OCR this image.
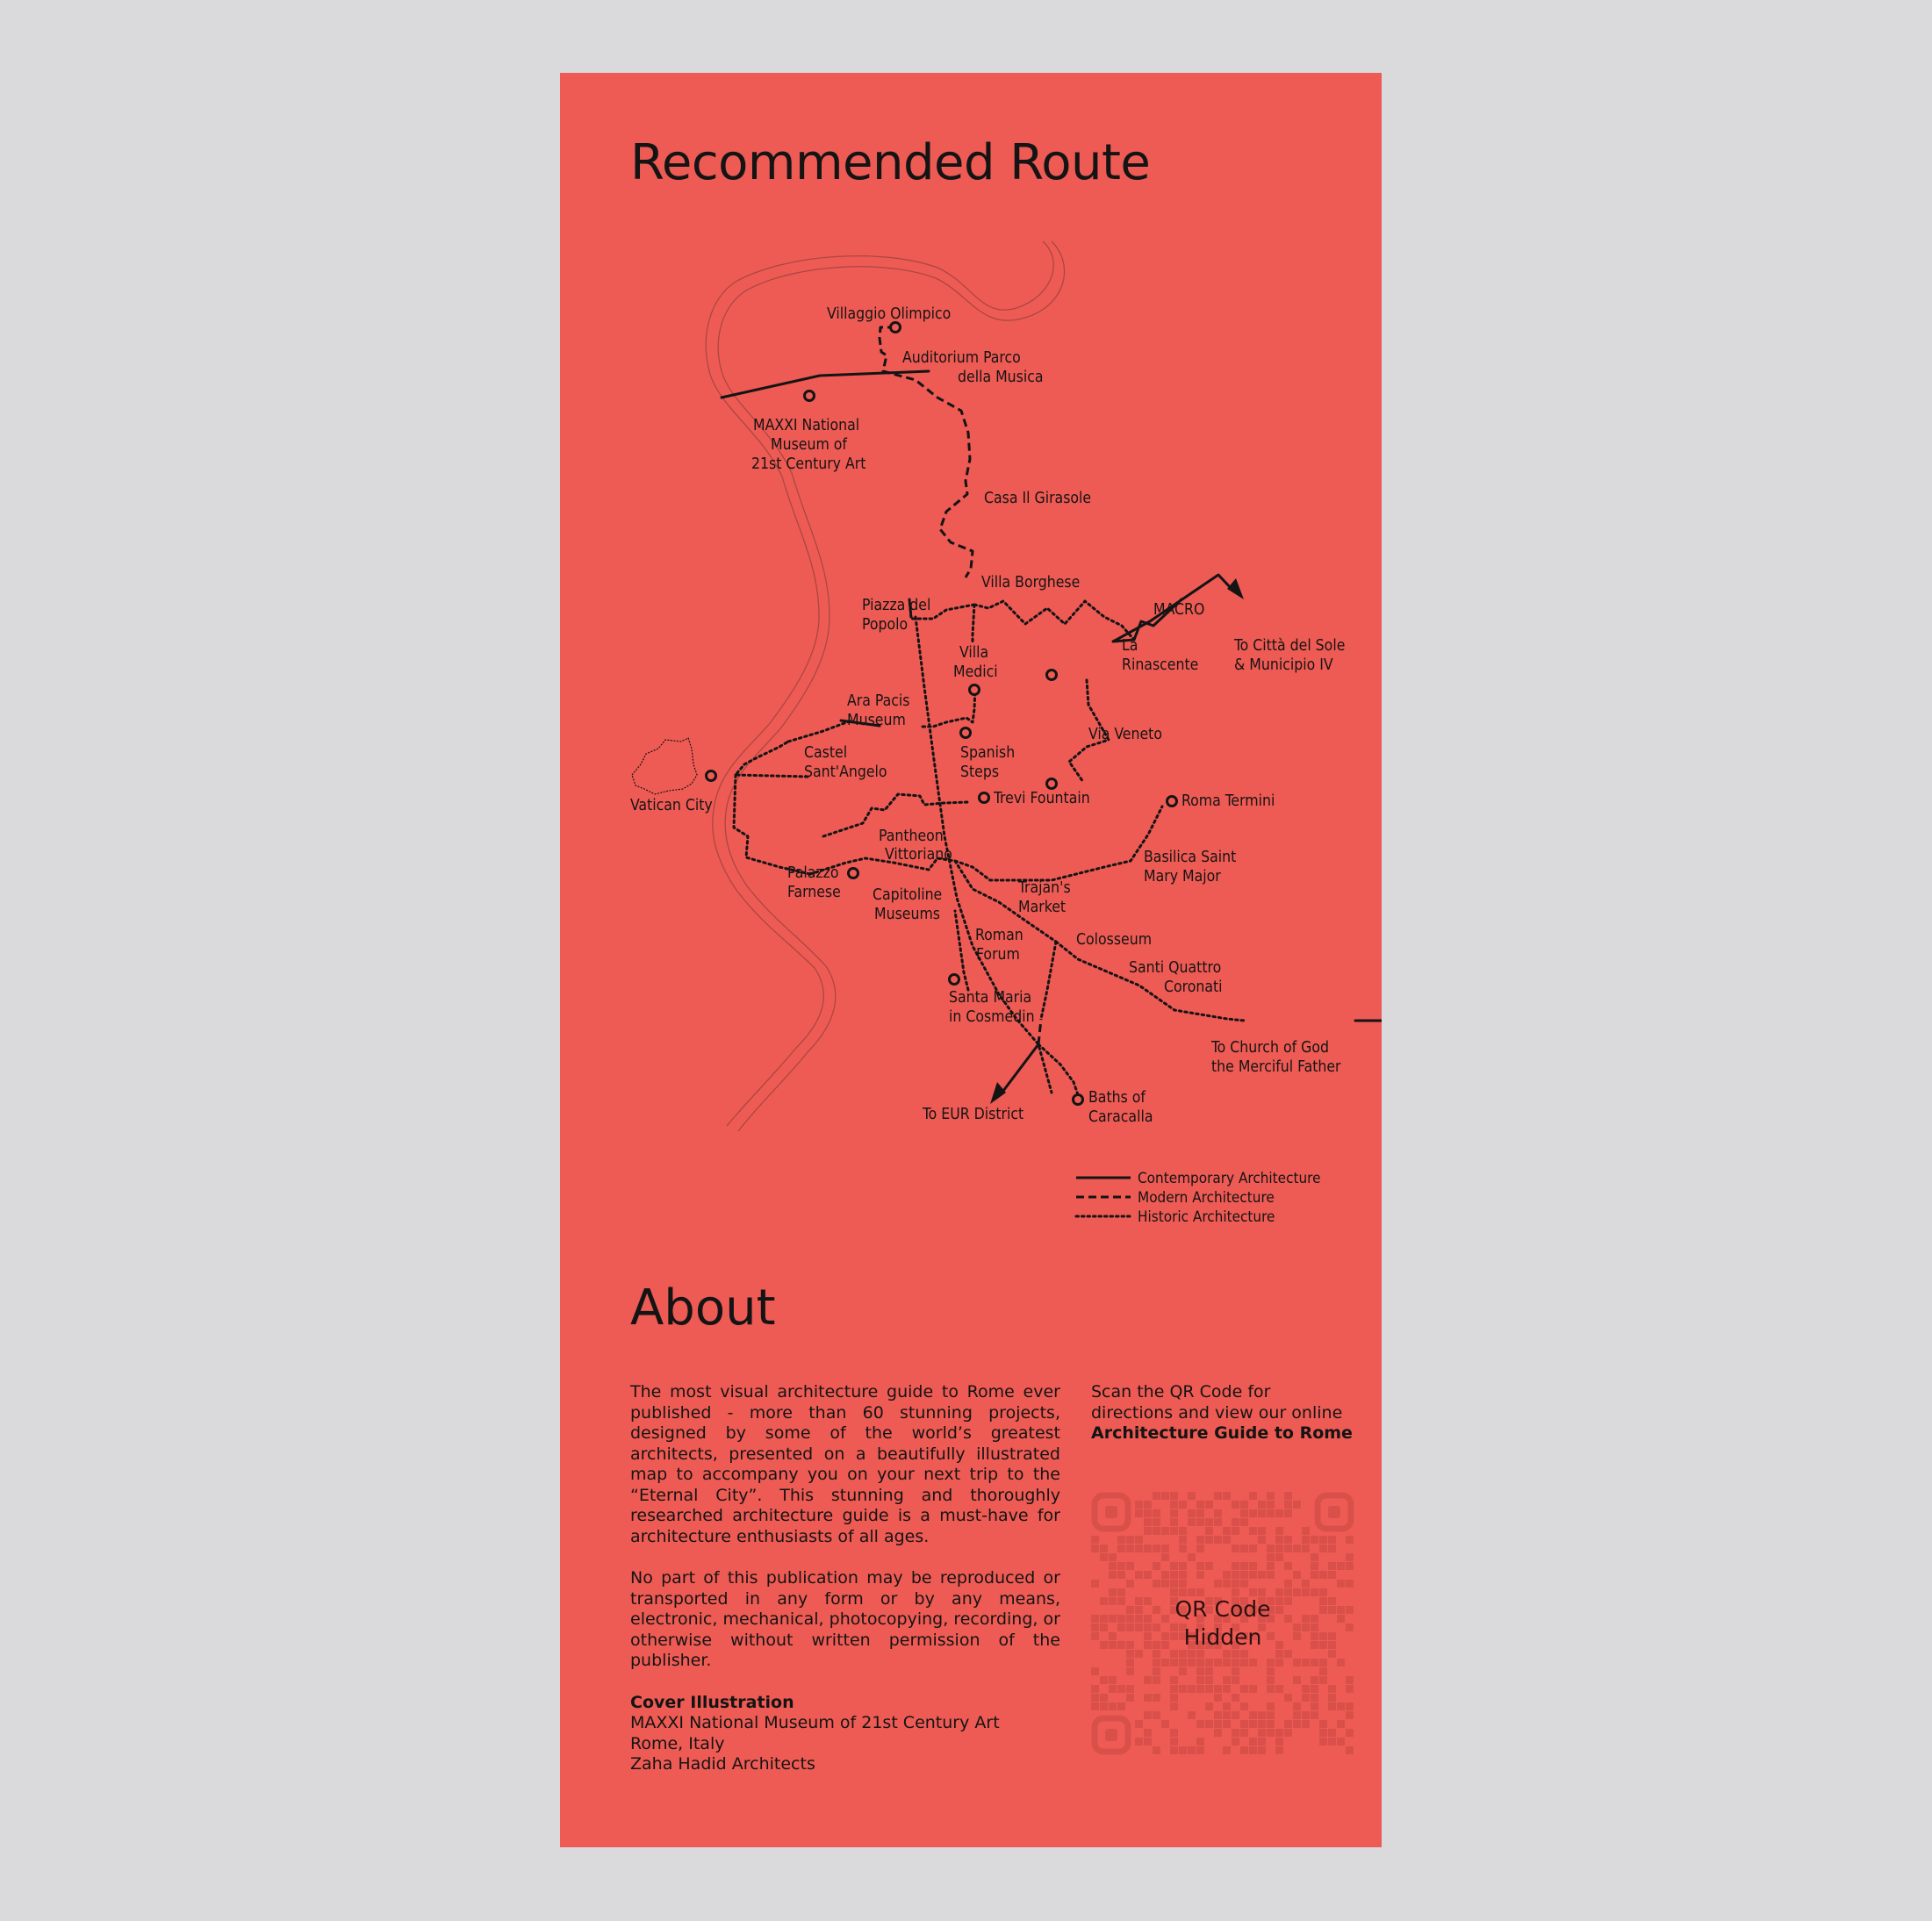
Recommended Route
Villaggio Olimpico
Auditorium Parco
della Musica
MAXXI National
Museum of
21st Century Art
Casa Il Girasole
Villa Borghese
Piazza del
Popolo
MACRO
La
Rinascente
To Città del Sole
& Municipio IV
Villa
Medici
Ara Pacis
Museum
Via Veneto
Castel
Sant'Angelo
Spanish
Steps
Vatican City	Trevi Fountain	Roma Termini
Pantheon
Vittoriano	Basilica Saint
Mary Major
Palazzo
Farnese Capitoline
Museums
Trajan's
Market
Roman
Forum
Colosseum
Santi Quattro
Coronati
Santa Maria
in Cosmedin
To Church of God
the Merciful Father
To EUR District
Baths of
Caracalla
Contemporary Architecture
Modern Architecture
Historic Architecture
About

The most visual architecture guide to Rome ever published - more than 60 stunning projects, designed by some of the world’s greatest architects, presented on a beautifully illustrated map to accompany you on your next trip to the “Eternal City”. This stunning and thoroughly researched architecture guide is a must-have for architecture enthusiasts of all ages.

No part of this publication may be reproduced or transported in any form or by any means, electronic, mechanical, photocopying, recording, or otherwise without written permission of the publisher.

Cover Illustration
MAXXI National Museum of 21st Century Art
Rome, Italy
Zaha Hadid Architects

Scan the QR Code for directions and view our online
Architecture Guide to Rome

QR Code
Hidden
